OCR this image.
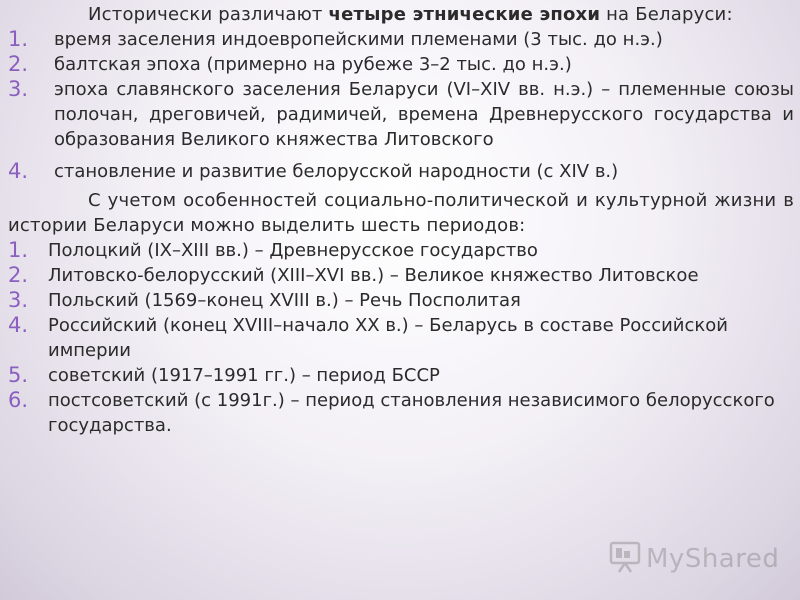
Исторически различают четыре этнические эпохи на Беларуси:

1. время заселения индоевропейскими племенами (3 тыс. до н.э.)
2. балтская эпоха (примерно на рубеже 3–2 тыс. до н.э.)
3. эпоха славянского заселения Беларуси (VI–XIV вв. н.э.) – племенные союзы полочан, дреговичей, радимичей, времена Древнерусского государства и образования Великого княжества Литовского
4. становление и развитие белорусской народности (с XIV в.)

С учетом особенностей социально-политической и культурной жизни в истории Беларуси можно выделить шесть периодов:

1. Полоцкий (IX–XIII вв.) – Древнерусское государство
2. Литовско-белорусский (XIII–XVI вв.) – Великое княжество Литовское
3. Польский (1569–конец XVIII в.) – Речь Посполитая
4. Российский (конец XVIII–начало XX в.) – Беларусь в составе Российской империи
5. советский (1917–1991 гг.) – период БССР
6. постсоветский (с 1991г.) – период становления независимого белорусского государства.
MyShared
